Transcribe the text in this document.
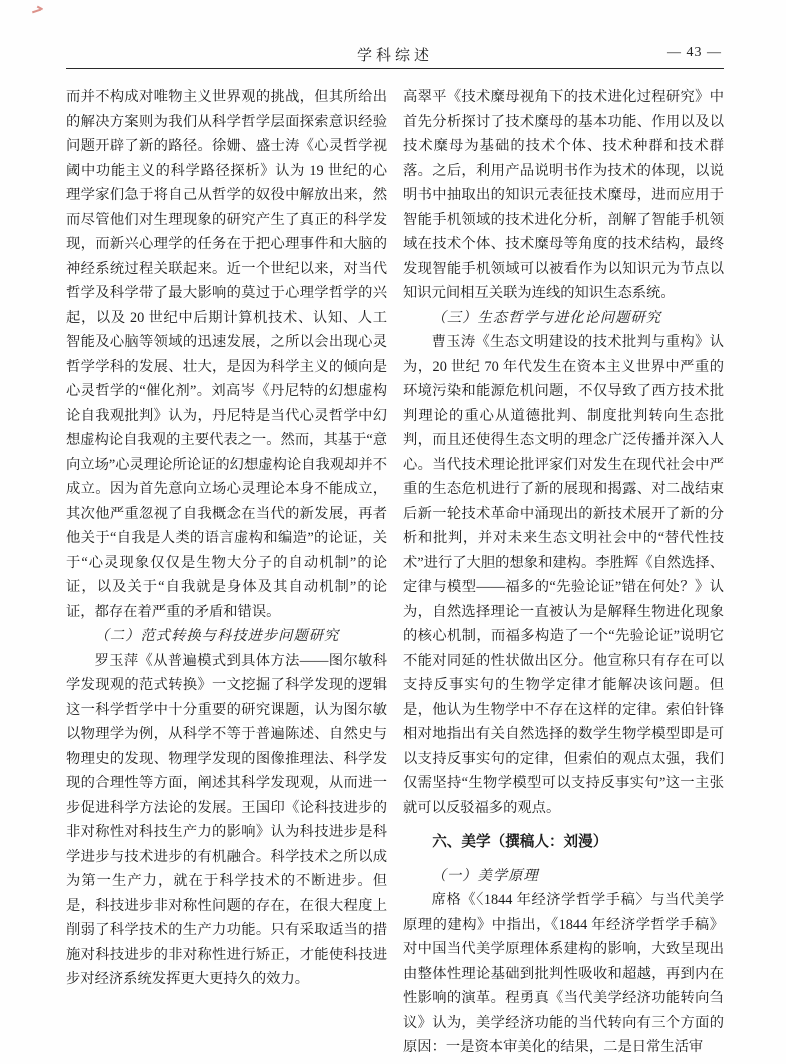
学科综述	— 43 —

而并不构成对唯物主义世界观的挑战，但其所给出的解决方案则为我们从科学哲学层面探索意识经验问题开辟了新的路径。徐姗、盛士涛《心灵哲学视阈中功能主义的科学路径探析》认为 19 世纪的心理学家们急于将自己从哲学的奴役中解放出来，然而尽管他们对生理现象的研究产生了真正的科学发现，而新兴心理学的任务在于把心理事件和大脑的神经系统过程关联起来。近一个世纪以来，对当代哲学及科学带了最大影响的莫过于心理学哲学的兴起，以及 20 世纪中后期计算机技术、认知、人工智能及心脑等领域的迅速发展，之所以会出现心灵哲学学科的发展、壮大，是因为科学主义的倾向是心灵哲学的“催化剂”。刘高岑《丹尼特的幻想虚构论自我观批判》认为，丹尼特是当代心灵哲学中幻想虚构论自我观的主要代表之一。然而，其基于“意向立场”心灵理论所论证的幻想虚构论自我观却并不成立。因为首先意向立场心灵理论本身不能成立，其次他严重忽视了自我概念在当代的新发展，再者他关于“自我是人类的语言虚构和编造”的论证，关于“心灵现象仅仅是生物大分子的自动机制”的论证，以及关于“自我就是身体及其自动机制”的论证，都存在着严重的矛盾和错误。

（二）范式转换与科技进步问题研究

罗玉萍《从普遍模式到具体方法——图尔敏科学发现观的范式转换》一文挖掘了科学发现的逻辑这一科学哲学中十分重要的研究课题，认为图尔敏以物理学为例，从科学不等于普遍陈述、自然史与物理史的发现、物理学发现的图像推理法、科学发现的合理性等方面，阐述其科学发现观，从而进一步促进科学方法论的发展。王国印《论科技进步的非对称性对科技生产力的影响》认为科技进步是科学进步与技术进步的有机融合。科学技术之所以成为第一生产力，就在于科学技术的不断进步。但是，科技进步非对称性问题的存在，在很大程度上削弱了科学技术的生产力功能。只有采取适当的措施对科技进步的非对称性进行矫正，才能使科技进步对经济系统发挥更大更持久的效力。

高翠平《技术糜母视角下的技术进化过程研究》中首先分析探讨了技术糜母的基本功能、作用以及以技术糜母为基础的技术个体、技术种群和技术群落。之后，利用产品说明书作为技术的体现，以说明书中抽取出的知识元表征技术糜母，进而应用于智能手机领域的技术进化分析，剖解了智能手机领域在技术个体、技术糜母等角度的技术结构，最终发现智能手机领域可以被看作为以知识元为节点以知识元间相互关联为连线的知识生态系统。

（三）生态哲学与进化论问题研究

曹玉涛《生态文明建设的技术批判与重构》认为，20 世纪 70 年代发生在资本主义世界中严重的环境污染和能源危机问题，不仅导致了西方技术批判理论的重心从道德批判、制度批判转向生态批判，而且还使得生态文明的理念广泛传播并深入人心。当代技术理论批评家们对发生在现代社会中严重的生态危机进行了新的展现和揭露、对二战结束后新一轮技术革命中涌现出的新技术展开了新的分析和批判，并对未来生态文明社会中的“替代性技术”进行了大胆的想象和建构。李胜辉《自然选择、定律与模型——福多的“先验论证”错在何处？》认为，自然选择理论一直被认为是解释生物进化现象的核心机制，而福多构造了一个“先验论证”说明它不能对同延的性状做出区分。他宣称只有存在可以支持反事实句的生物学定律才能解决该问题。但是，他认为生物学中不存在这样的定律。索伯针锋相对地指出有关自然选择的数学生物学模型即是可以支持反事实句的定律，但索伯的观点太强，我们仅需坚持“生物学模型可以支持反事实句”这一主张就可以反驳福多的观点。

六、美学（撰稿人：刘漫）

（一）美学原理

席格《〈1844 年经济学哲学手稿〉与当代美学原理的建构》中指出，《1844 年经济学哲学手稿》对中国当代美学原理体系建构的影响，大致呈现出由整体性理论基础到批判性吸收和超越，再到内在性影响的演革。程勇真《当代美学经济功能转向刍议》认为，美学经济功能的当代转向有三个方面的原因：一是资本审美化的结果，二是日常生活审
